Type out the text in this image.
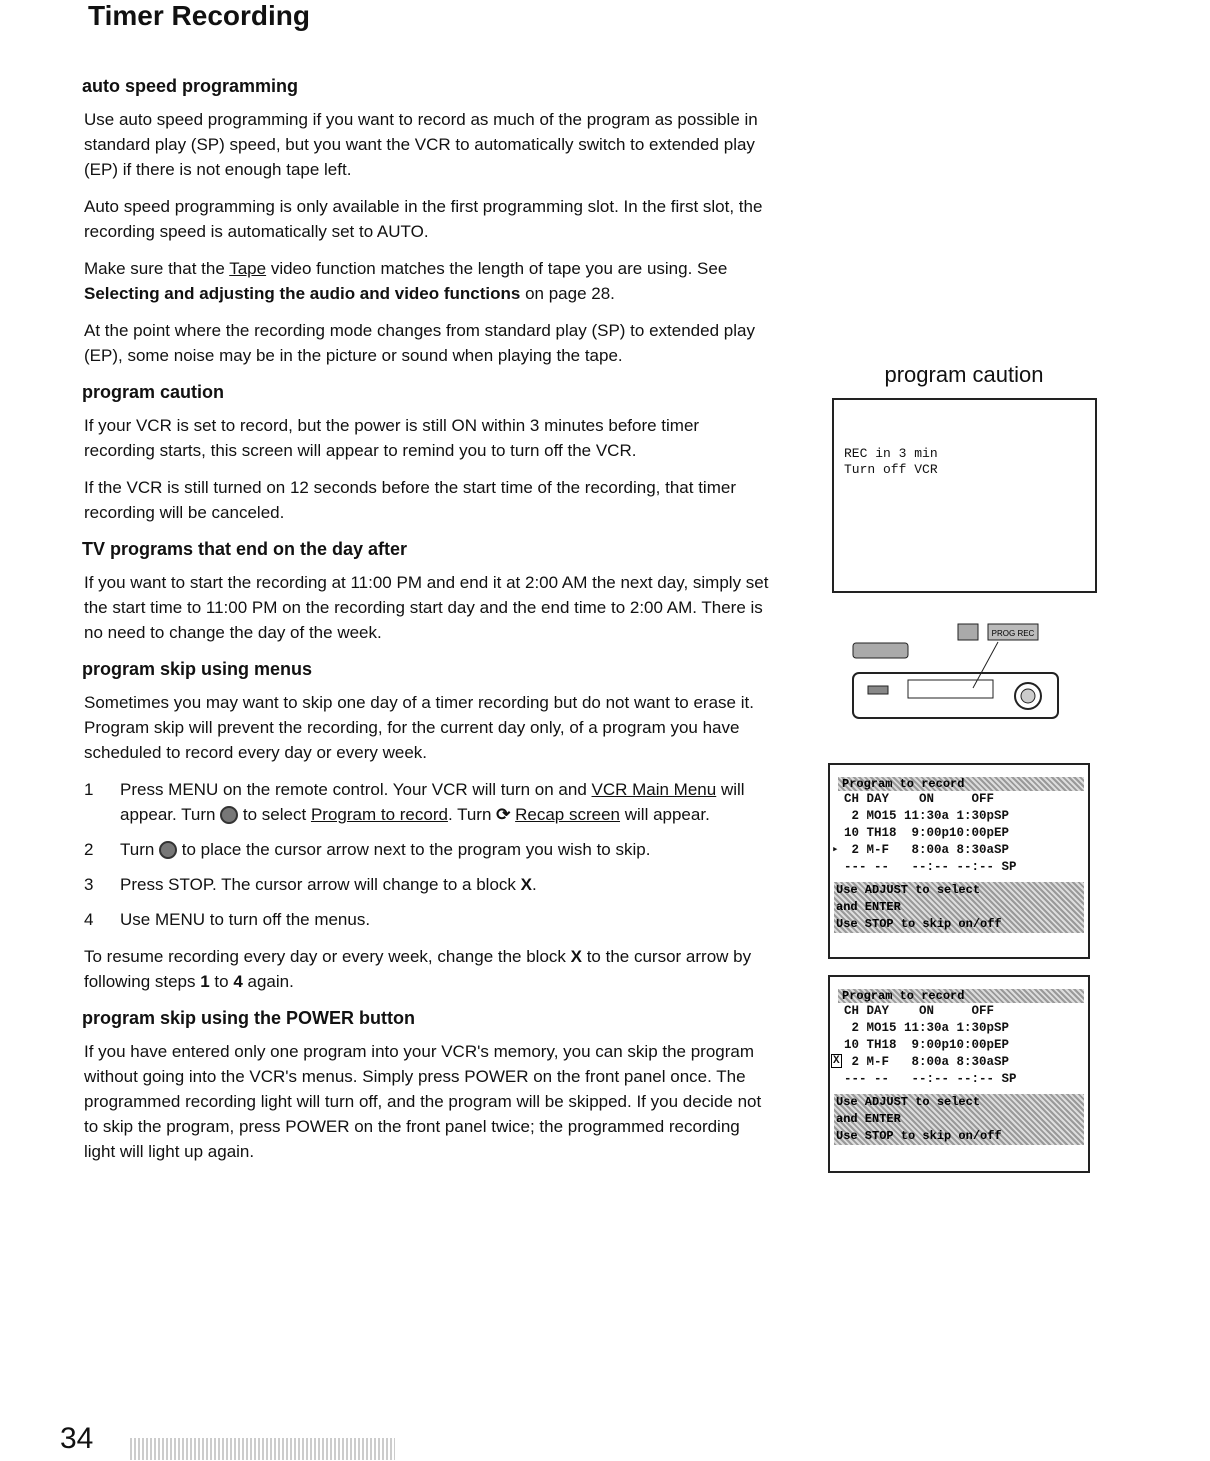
Timer Recording
auto speed programming

Use auto speed programming if you want to record as much of the program as possible in standard play (SP) speed, but you want the VCR to automatically switch to extended play (EP) if there is not enough tape left.

Auto speed programming is only available in the first programming slot. In the first slot, the recording speed is automatically set to AUTO.

Make sure that the Tape video function matches the length of tape you are using. See Selecting and adjusting the audio and video functions on page 28.

At the point where the recording mode changes from standard play (SP) to extended play (EP), some noise may be in the picture or sound when playing the tape.

program caution

If your VCR is set to record, but the power is still ON within 3 minutes before timer recording starts, this screen will appear to remind you to turn off the VCR.

If the VCR is still turned on 12 seconds before the start time of the recording, that timer recording will be canceled.

TV programs that end on the day after

If you want to start the recording at 11:00 PM and end it at 2:00 AM the next day, simply set the start time to 11:00 PM on the recording start day and the end time to 2:00 AM. There is no need to change the day of the week.

program skip using menus

Sometimes you may want to skip one day of a timer recording but do not want to erase it. Program skip will prevent the recording, for the current day only, of a program you have scheduled to record every day or every week.

1	Press MENU on the remote control. Your VCR will turn on and VCR Main Menu will appear. Turn  to select Program to record. Turn ⟳ Recap screen will appear.
2	Turn  to place the cursor arrow next to the program you wish to skip.
3	Press STOP. The cursor arrow will change to a block X.
4	Use MENU to turn off the menus.

To resume recording every day or every week, change the block X to the cursor arrow by following steps 1 to 4 again.

program skip using the POWER button

If you have entered only one program into your VCR's memory, you can skip the program without going into the VCR's menus. Simply press POWER on the front panel once. The programmed recording light will turn off, and the program will be skipped. If you decide not to skip the program, press POWER on the front panel twice; the programmed recording light will light up again.

program caution
REC in 3 min
Turn off VCR
PROG REC
Program to record
▸
CH DAY    ON     OFF
2 MO15 11:30a 1:30pSP
10 TH18  9:00p10:00pEP
2 M-F   8:00a 8:30aSP
--- --   --:-- --:-- SP
Use ADJUST to select
and ENTER
Use STOP to skip on/off
Program to record
X
CH DAY    ON     OFF
2 MO15 11:30a 1:30pSP
10 TH18  9:00p10:00pEP
2 M-F   8:00a 8:30aSP
--- --   --:-- --:-- SP
Use ADJUST to select
and ENTER
Use STOP to skip on/off
34
